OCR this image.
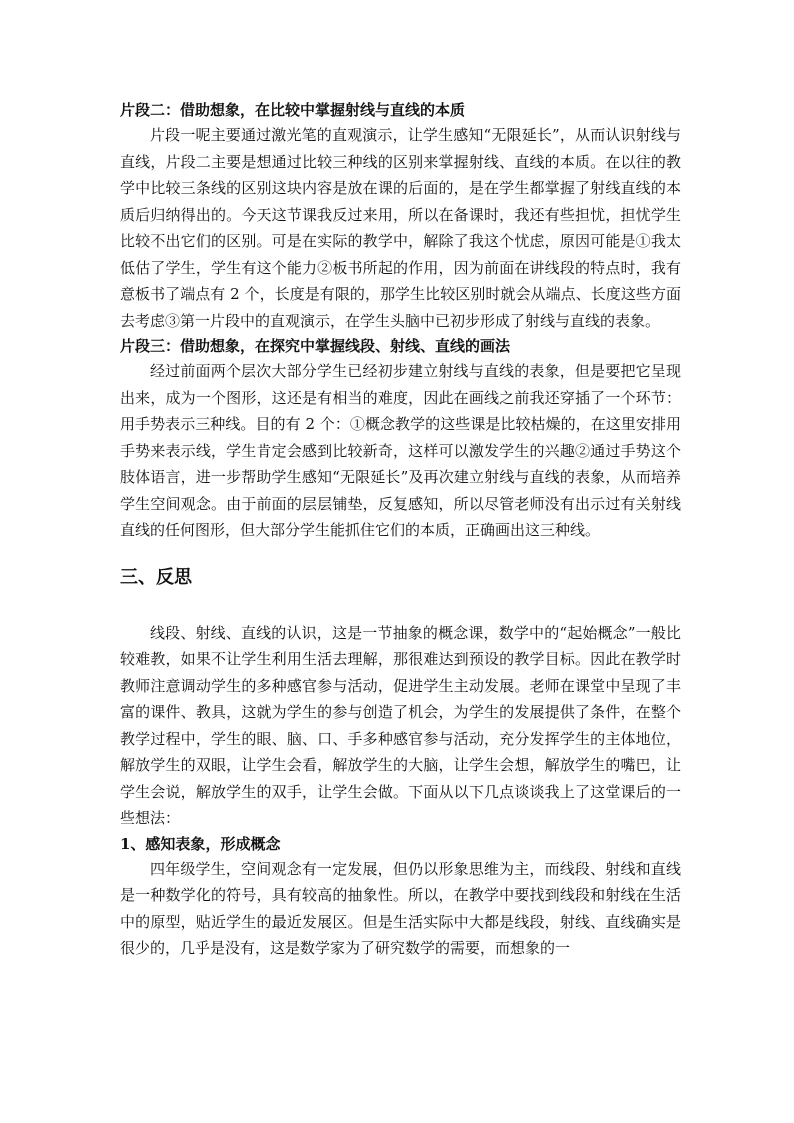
片段二：借助想象，在比较中掌握射线与直线的本质

片段一呢主要通过激光笔的直观演示，让学生感知“无限延长”，从而认识射线与直线，片段二主要是想通过比较三种线的区别来掌握射线、直线的本质。在以往的教学中比较三条线的区别这块内容是放在课的后面的，是在学生都掌握了射线直线的本质后归纳得出的。今天这节课我反过来用，所以在备课时，我还有些担忧，担忧学生比较不出它们的区别。可是在实际的教学中，解除了我这个忧虑，原因可能是①我太低估了学生，学生有这个能力②板书所起的作用，因为前面在讲线段的特点时，我有意板书了端点有 2 个，长度是有限的，那学生比较区别时就会从端点、长度这些方面去考虑③第一片段中的直观演示，在学生头脑中已初步形成了射线与直线的表象。

片段三：借助想象，在探究中掌握线段、射线、直线的画法

经过前面两个层次大部分学生已经初步建立射线与直线的表象，但是要把它呈现出来，成为一个图形，这还是有相当的难度，因此在画线之前我还穿插了一个环节：用手势表示三种线。目的有 2 个：①概念教学的这些课是比较枯燥的，在这里安排用手势来表示线，学生肯定会感到比较新奇，这样可以激发学生的兴趣②通过手势这个肢体语言，进一步帮助学生感知“无限延长”及再次建立射线与直线的表象，从而培养学生空间观念。由于前面的层层铺垫，反复感知，所以尽管老师没有出示过有关射线直线的任何图形，但大部分学生能抓住它们的本质，正确画出这三种线。

三、反思

线段、射线、直线的认识，这是一节抽象的概念课，数学中的“起始概念”一般比较难教，如果不让学生利用生活去理解，那很难达到预设的教学目标。因此在教学时教师注意调动学生的多种感官参与活动，促进学生主动发展。老师在课堂中呈现了丰富的课件、教具，这就为学生的参与创造了机会，为学生的发展提供了条件，在整个教学过程中，学生的眼、脑、口、手多种感官参与活动，充分发挥学生的主体地位，解放学生的双眼，让学生会看，解放学生的大脑，让学生会想，解放学生的嘴巴，让学生会说，解放学生的双手，让学生会做。下面从以下几点谈谈我上了这堂课后的一些想法：

1、感知表象，形成概念

四年级学生，空间观念有一定发展，但仍以形象思维为主，而线段、射线和直线是一种数学化的符号，具有较高的抽象性。所以，在教学中要找到线段和射线在生活中的原型，贴近学生的最近发展区。但是生活实际中大都是线段，射线、直线确实是很少的，几乎是没有，这是数学家为了研究数学的需要，而想象的一
